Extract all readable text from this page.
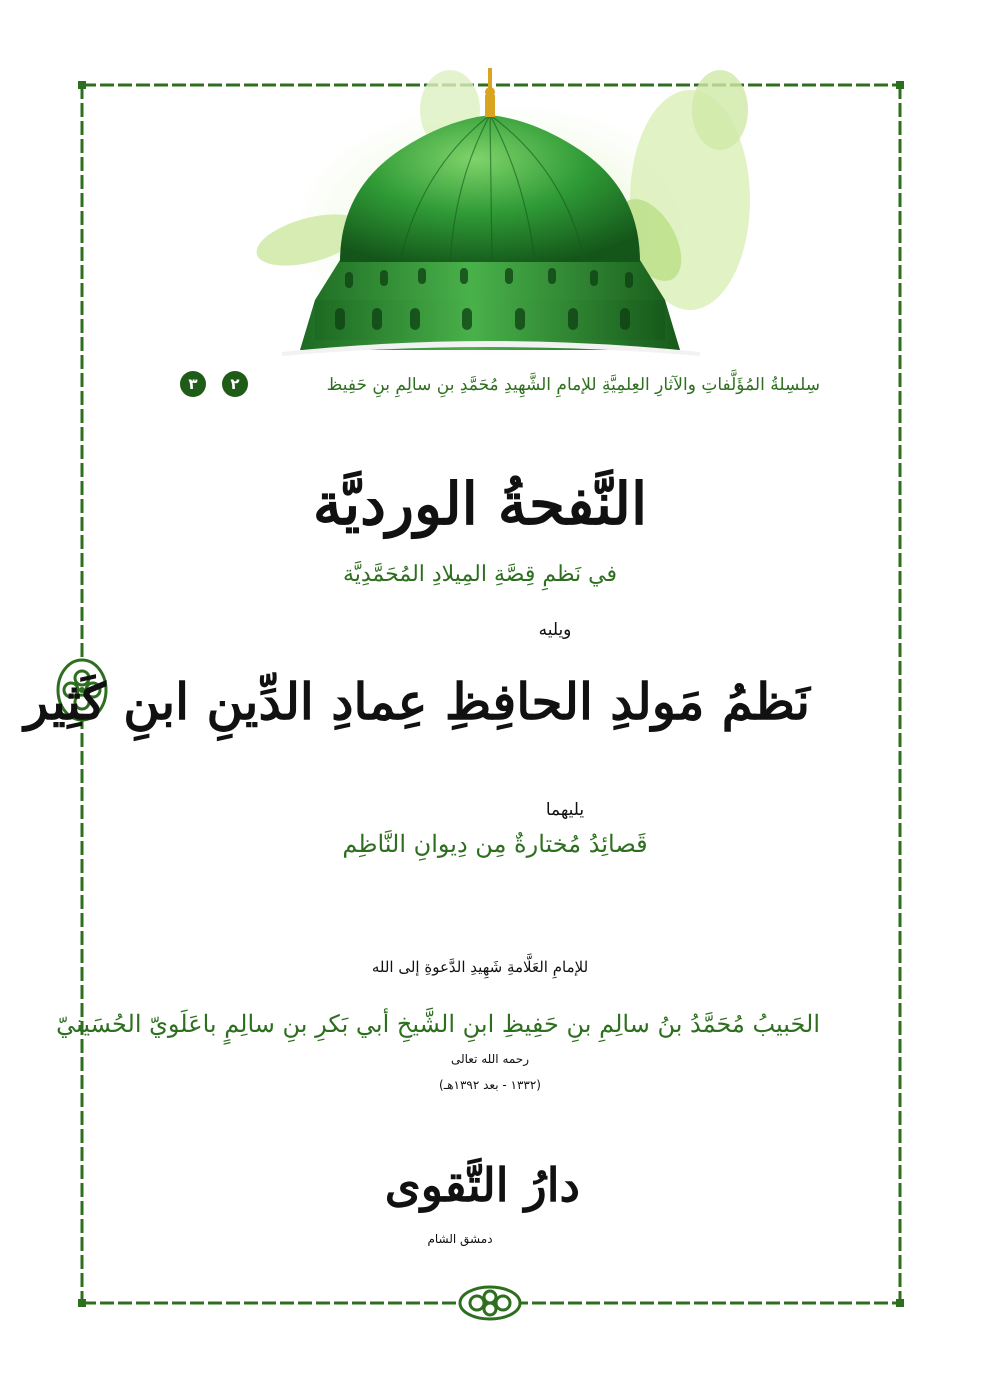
سِلسِلةُ المُؤَلَّفاتِ والآثارِ العِلمِيَّةِ للإمامِ الشَّهِيدِ مُحَمَّدِ بنِ سالِمِ بنِ حَفِيظ
٢
٣
النَّفحةُ الورديَّة
في نَظمِ قِصَّةِ المِيلادِ المُحَمَّدِيَّة
ويليه
نَظمُ مَولدِ الحافِظِ عِمادِ الدِّينِ ابنِ كَثِير
يليهما
قَصائِدُ مُختارةٌ مِن دِيوانِ النَّاظِم
للإمامِ العَلَّامةِ شَهِيدِ الدَّعوةِ إلى الله
الحَبيبُ مُحَمَّدُ بنُ سالِمِ بنِ حَفِيظِ ابنِ الشَّيخِ أبي بَكرِ بنِ سالِمٍ باعَلَويّ الحُسَينيّ
رحمه الله تعالى
(١٣٣٢ - بعد ١٣٩٢هـ)
دارُ التَّقوى
دمشق الشام
